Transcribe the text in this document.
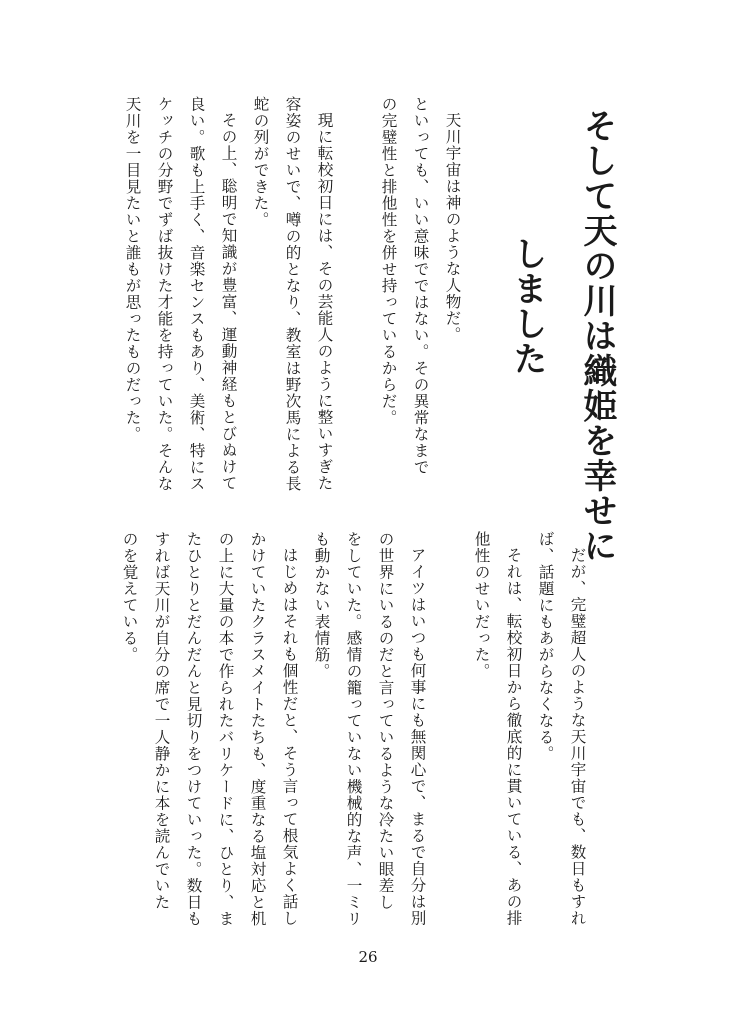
そして天の川は織姫を幸せに
しました
天川宇宙は神のような人物だ。
といっても、いい意味でではない。その異常なまで
の完璧性と排他性を併せ持っているからだ。
現に転校初日には、その芸能人のように整いすぎた
容姿のせいで、噂の的となり、教室は野次馬による長
蛇の列ができた。
その上、聡明で知識が豊富、運動神経もとびぬけて
良い。歌も上手く、音楽センスもあり、美術、特にス
ケッチの分野でずば抜けた才能を持っていた。そんな
天川を一目見たいと誰もが思ったものだった。
だが、完璧超人のような天川宇宙でも、数日もすれ
ば、話題にもあがらなくなる。
それは、転校初日から徹底的に貫いている、あの排
他性のせいだった。
アイツはいつも何事にも無関心で、まるで自分は別
の世界にいるのだと言っているような冷たい眼差し
をしていた。感情の籠っていない機械的な声、一ミリ
も動かない表情筋。
はじめはそれも個性だと、そう言って根気よく話し
かけていたクラスメイトたちも、度重なる塩対応と机
の上に大量の本で作られたバリケードに、ひとり、ま
たひとりとだんだんと見切りをつけていった。数日も
すれば天川が自分の席で一人静かに本を読んでいた
のを覚えている。
26
